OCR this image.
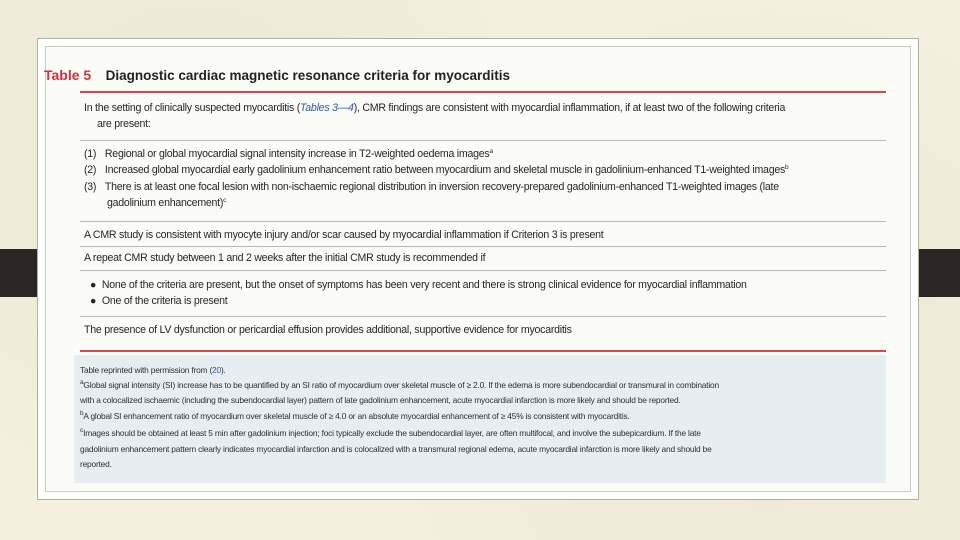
Table 5 Diagnostic cardiac magnetic resonance criteria for myocarditis
In the setting of clinically suspected myocarditis (Tables 3—4), CMR findings are consistent with myocardial inflammation, if at least two of the following criteria
are present:
(1) Regional or global myocardial signal intensity increase in T2-weighted oedema images$^a$
(2) Increased global myocardial early gadolinium enhancement ratio between myocardium and skeletal muscle in gadolinium-enhanced T1-weighted images$^b$
(3) There is at least one focal lesion with non-ischaemic regional distribution in inversion recovery-prepared gadolinium-enhanced T1-weighted images (late
gadolinium enhancement)$^c$
A CMR study is consistent with myocyte injury and/or scar caused by myocardial inflammation if Criterion 3 is present
A repeat CMR study between 1 and 2 weeks after the initial CMR study is recommended if
● None of the criteria are present, but the onset of symptoms has been very recent and there is strong clinical evidence for myocardial inflammation
● One of the criteria is present
The presence of LV dysfunction or pericardial effusion provides additional, supportive evidence for myocarditis
Table reprinted with permission from (20).
$^a$Global signal intensity (SI) increase has to be quantified by an SI ratio of myocardium over skeletal muscle of ≥ 2.0. If the edema is more subendocardial or transmural in combination
with a colocalized ischaemic (including the subendocardial layer) pattern of late gadolinium enhancement, acute myocardial infarction is more likely and should be reported.
$^b$A global SI enhancement ratio of myocardium over skeletal muscle of ≥ 4.0 or an absolute myocardial enhancement of ≥ 45% is consistent with myocarditis.
$^c$Images should be obtained at least 5 min after gadolinium injection; foci typically exclude the subendocardial layer, are often multifocal, and involve the subepicardium. If the late
gadolinium enhancement pattern clearly indicates myocardial infarction and is colocalized with a transmural regional edema, acute myocardial infarction is more likely and should be
reported.
